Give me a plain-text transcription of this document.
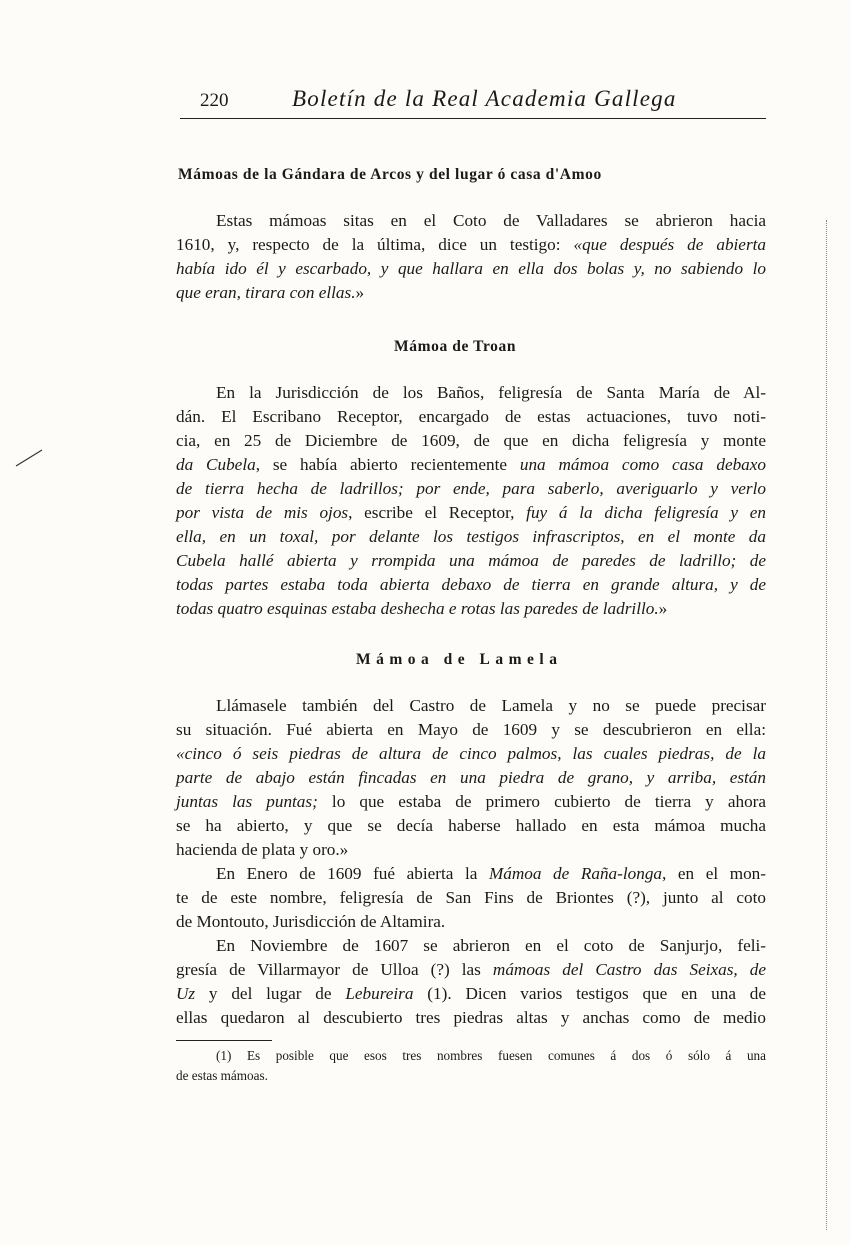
220	Boletín de la Real Academia Gallega
Mámoas de la Gándara de Arcos y del lugar ó casa d'Amoo
Estas mámoas sitas en el Coto de Valladares se abrieron hacia
1610, y, respecto de la última, dice un testigo: «que después de abierta
había ido él y escarbado, y que hallara en ella dos bolas y, no sabiendo lo
que eran, tirara con ellas.»
Mámoa de Troan
En la Jurisdicción de los Baños, feligresía de Santa María de Al-
dán. El Escribano Receptor, encargado de estas actuaciones, tuvo noti-
cia, en 25 de Diciembre de 1609, de que en dicha feligresía y monte
da Cubela, se había abierto recientemente una mámoa como casa debaxo
de tierra hecha de ladrillos; por ende, para saberlo, averiguarlo y verlo
por vista de mis ojos, escribe el Receptor, fuy á la dicha feligresía y en
ella, en un toxal, por delante los testigos infrascriptos, en el monte da
Cubela hallé abierta y rrompida una mámoa de paredes de ladrillo; de
todas partes estaba toda abierta debaxo de tierra en grande altura, y de
todas quatro esquinas estaba deshecha e rotas las paredes de ladrillo.»
Mámoa de Lamela
Llámasele también del Castro de Lamela y no se puede precisar
su situación. Fué abierta en Mayo de 1609 y se descubrieron en ella:
«cinco ó seis piedras de altura de cinco palmos, las cuales piedras, de la
parte de abajo están fincadas en una piedra de grano, y arriba, están
juntas las puntas; lo que estaba de primero cubierto de tierra y ahora
se ha abierto, y que se decía haberse hallado en esta mámoa mucha
hacienda de plata y oro.»
En Enero de 1609 fué abierta la Mámoa de Raña-longa, en el mon-
te de este nombre, feligresía de San Fins de Briontes (?), junto al coto
de Montouto, Jurisdicción de Altamira.
En Noviembre de 1607 se abrieron en el coto de Sanjurjo, feli-
gresía de Villarmayor de Ulloa (?) las mámoas del Castro das Seixas, de
Uz y del lugar de Lebureira (1). Dicen varios testigos que en una de
ellas quedaron al descubierto tres piedras altas y anchas como de medio
(1) Es posible que esos tres nombres fuesen comunes á dos ó sólo á una
de estas mámoas.
